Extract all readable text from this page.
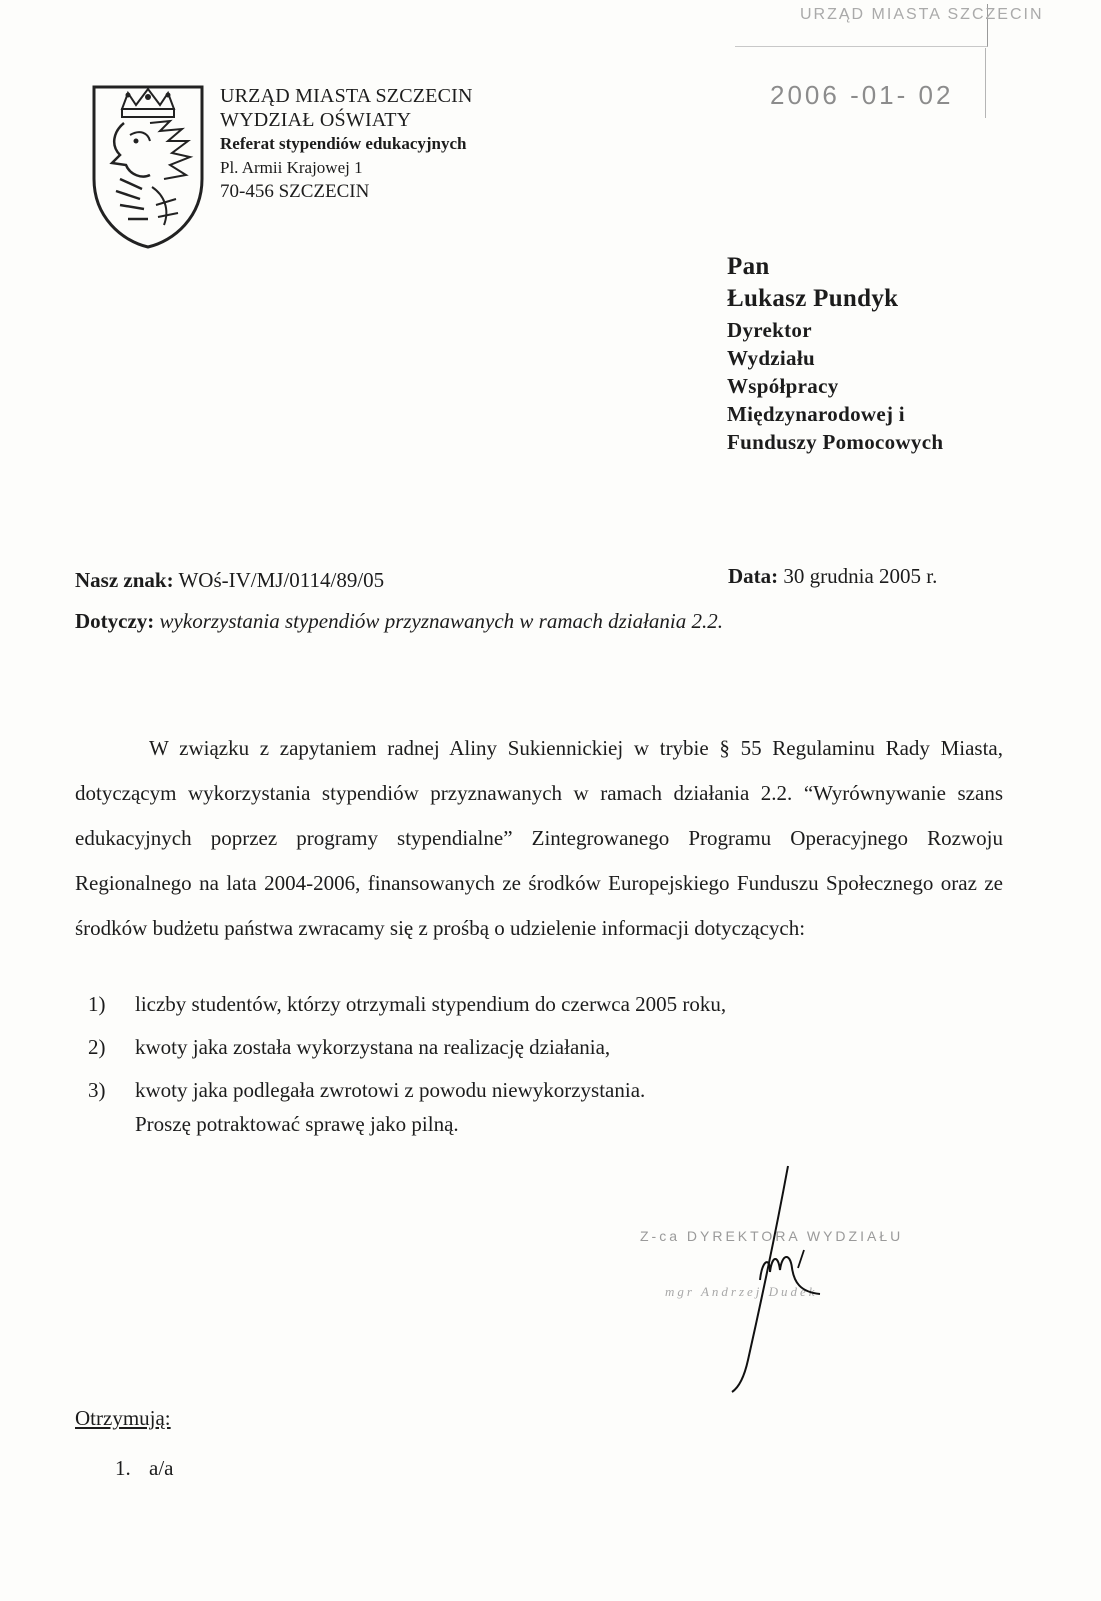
URZĄD MIASTA SZCZECIN
WYDZIAŁ OŚWIATY
Referat stypendiów edukacyjnych
Pl. Armii Krajowej 1
70-456 SZCZECIN
URZĄD MIASTA SZCZECIN
2006 -01- 02
Pan
Łukasz Pundyk
Dyrektor
Wydziału
Współpracy
Międzynarodowej i
Funduszy Pomocowych
Nasz znak: WOś-IV/MJ/0114/89/05	Data: 30 grudnia 2005 r.
Dotyczy: wykorzystania stypendiów przyznawanych w ramach działania 2.2.
W związku z zapytaniem radnej Aliny Sukiennickiej w trybie § 55 Regulaminu Rady Miasta, dotyczącym wykorzystania stypendiów przyznawanych w ramach działania 2.2. “Wyrównywanie szans edukacyjnych poprzez programy stypendialne” Zintegrowanego Programu Operacyjnego Rozwoju Regionalnego na lata 2004-2006, finansowanych ze środków Europejskiego Funduszu Społecznego oraz ze środków budżetu państwa zwracamy się z prośbą o udzielenie informacji dotyczących:
1) liczby studentów, którzy otrzymali stypendium do czerwca 2005 roku,
2) kwoty jaka została wykorzystana na realizację działania,
3) kwoty jaka podlegała zwrotowi z powodu niewykorzystania.
Proszę potraktować sprawę jako pilną.
Z-ca DYREKTORA WYDZIAŁU
mgr Andrzej Dudek
Otrzymują:
1. a/a
